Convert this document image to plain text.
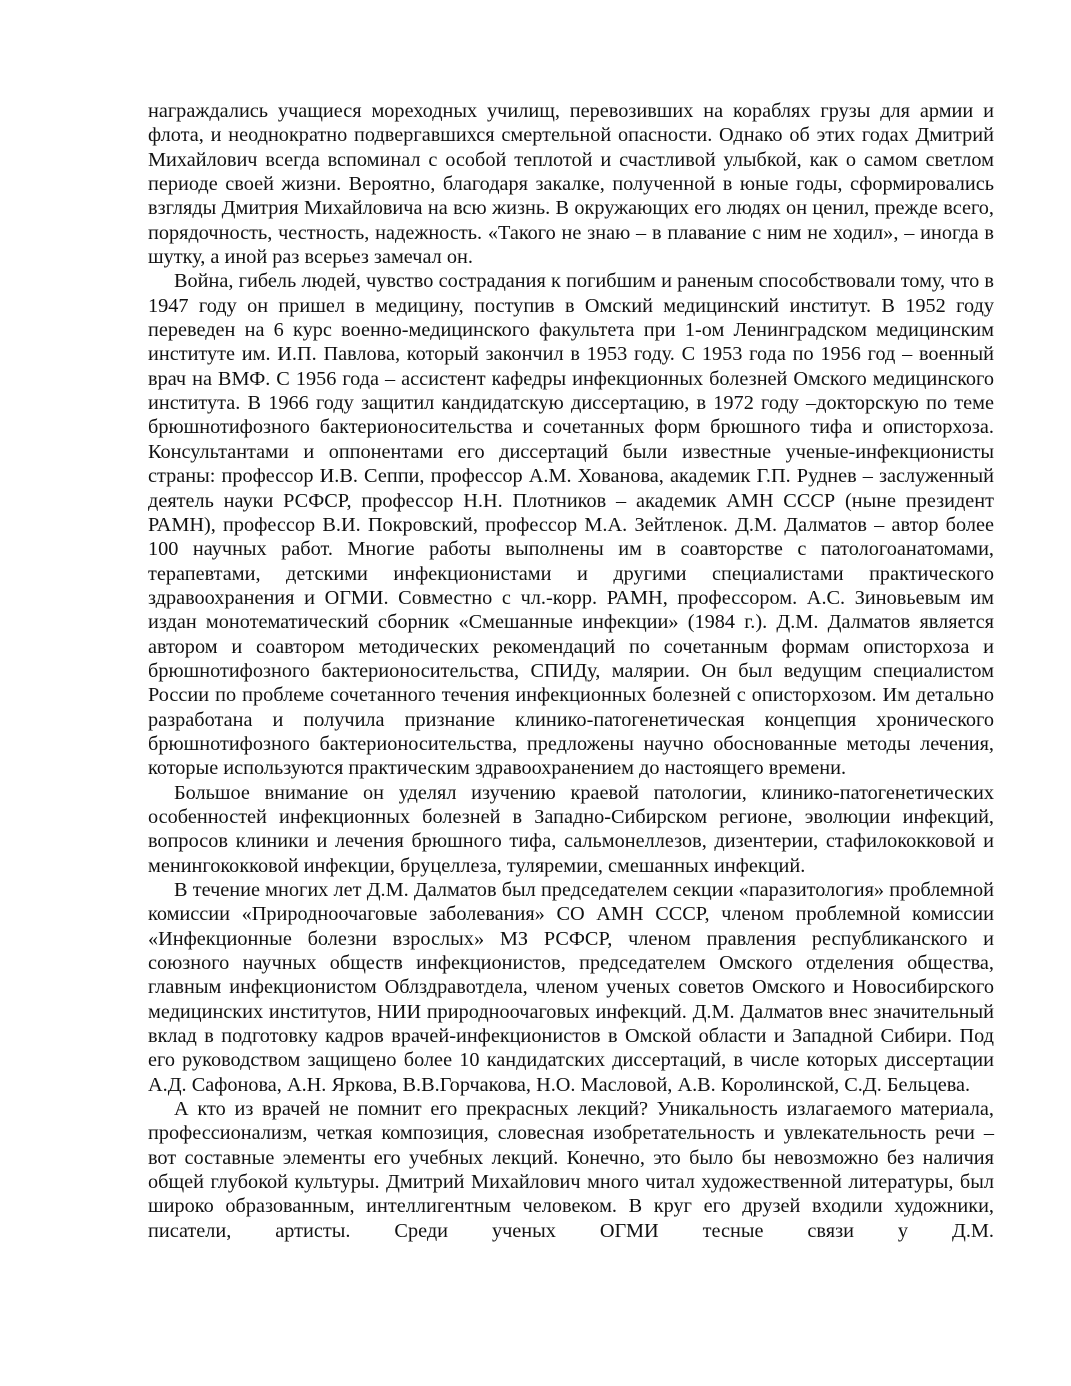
награждались учащиеся мореходных училищ, перевозивших на кораблях грузы для армии и флота, и неоднократно подвергавшихся смертельной опасности. Однако об этих годах Дмитрий Михайлович всегда вспоминал с особой теплотой и счастливой улыбкой, как о самом светлом периоде своей жизни. Вероятно, благодаря закалке, полученной в юные годы, сформировались взгляды Дмитрия Михайловича на всю жизнь. В окружающих его людях он ценил, прежде всего, порядочность, честность, надежность. «Такого не знаю – в плавание с ним не ходил», – иногда в шутку, а иной раз всерьез замечал он.

Война, гибель людей, чувство сострадания к погибшим и раненым способствовали тому, что в 1947 году он пришел в медицину, поступив в Омский медицинский институт. В 1952 году переведен на 6 курс военно-медицинского факультета при 1-ом Ленинградском медицинским институте им. И.П. Павлова, который закончил в 1953 году. С 1953 года по 1956 год – военный врач на ВМФ. С 1956 года – ассистент кафедры инфекционных болезней Омского медицинского института. В 1966 году защитил кандидатскую диссертацию, в 1972 году –докторскую по теме брюшнотифозного бактерионосительства и сочетанных форм брюшного тифа и описторхоза. Консультантами и оппонентами его диссертаций были известные ученые-инфекционисты страны: профессор И.В. Сеппи, профессор А.М. Хованова, академик Г.П. Руднев – заслуженный деятель науки РСФСР, профессор Н.Н. Плотников – академик АМН СССР (ныне президент РАМН), профессор В.И. Покровский, профессор М.А. Зейтленок. Д.М. Далматов – автор более 100 научных работ. Многие работы выполнены им в соавторстве с патологоанатомами, терапевтами, детскими инфекционистами и другими специалистами практического здравоохранения и ОГМИ. Совместно с чл.-корр. РАМН, профессором. А.С. Зиновьевым им издан монотематический сборник «Смешанные инфекции» (1984 г.). Д.М. Далматов является автором и соавтором методических рекомендаций по сочетанным формам описторхоза и брюшнотифозного бактерионосительства, СПИДу, малярии. Он был ведущим специалистом России по проблеме сочетанного течения инфекционных болезней с описторхозом. Им детально разработана и получила признание клинико-патогенетическая концепция хронического брюшнотифозного бактерионосительства, предложены научно обоснованные методы лечения, которые используются практическим здравоохранением до настоящего времени.

Большое внимание он уделял изучению краевой патологии, клинико-патогенетических особенностей инфекционных болезней в Западно-Сибирском регионе, эволюции инфекций, вопросов клиники и лечения брюшного тифа, сальмонеллезов, дизентерии, стафилококковой и менингококковой инфекции, бруцеллеза, туляремии, смешанных инфекций.

В течение многих лет Д.М. Далматов был председателем секции «паразитология» проблемной комиссии «Природноочаговые заболевания» СО АМН СССР, членом проблемной комиссии «Инфекционные болезни взрослых» МЗ РСФСР, членом правления республиканского и союзного научных обществ инфекционистов, председателем Омского отделения общества, главным инфекционистом Облздравотдела, членом ученых советов Омского и Новосибирского медицинских институтов, НИИ природноочаговых инфекций. Д.М. Далматов внес значительный вклад в подготовку кадров врачей-инфекционистов в Омской области и Западной Сибири. Под его руководством защищено более 10 кандидатских диссертаций, в числе которых диссертации А.Д. Сафонова, А.Н. Яркова, В.В.Горчакова, Н.О. Масловой, А.В. Королинской, С.Д. Бельцева.

А кто из врачей не помнит его прекрасных лекций? Уникальность излагаемого материала, профессионализм, четкая композиция, словесная изобретательность и увлекательность речи – вот составные элементы его учебных лекций. Конечно, это было бы невозможно без наличия общей глубокой культуры. Дмитрий Михайлович много читал художественной литературы, был широко образованным, интеллигентным человеком. В круг его друзей входили художники, писатели, артисты. Среди ученых ОГМИ тесные связи у Д.М.
